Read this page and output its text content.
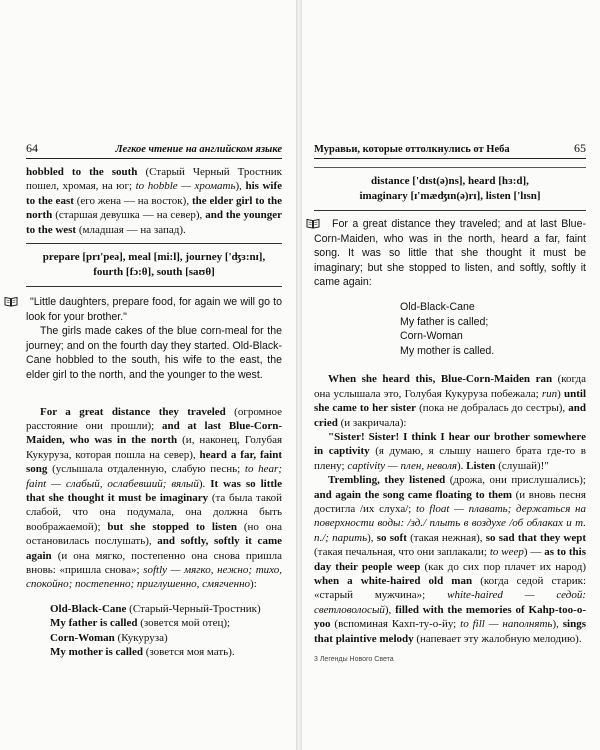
64	Легкое чтение на английском языке

hobbled to the south (Старый Черный Тростник пошел, хромая, на юг; to hobble — хромать), his wife to the east (его жена — на восток), the elder girl to the north (старшая девушка — на север), and the younger to the west (младшая — на запад).

prepare [prɪ'peə], meal [mi:l], journey ['ʤɜ:nɪ],
fourth [fɔ:θ], south [saʊθ]

"Little daughters, prepare food, for again we will go to look for your brother."

The girls made cakes of the blue corn-meal for the journey; and on the fourth day they started. Old-Black-Cane hobbled to the south, his wife to the east, the elder girl to the north, and the younger to the west.

For a great distance they traveled (огромное расстояние они прошли); and at last Blue-Corn-Maiden, who was in the north (и, наконец, Голубая Кукуруза, которая пошла на север), heard a far, faint song (услышала отдаленную, слабую песнь; to hear; faint — слабый, ослабевший; вялый). It was so little that she thought it must be imaginary (та была такой слабой, что она подумала, она должна быть воображаемой); but she stopped to listen (но она остановилась послушать), and softly, softly it came again (и она мягко, постепенно она снова пришла вновь: «пришла снова»; softly — мягко, нежно; тихо, спокойно; постепенно; приглушенно, смягченно):

Old-Black-Cane (Старый-Черный-Тростник)
My father is called (зовется мой отец);
Corn-Woman (Кукуруза)
My mother is called (зовется моя мать).
Муравьи, которые оттолкнулись от Неба	65
distance ['dɪst(ə)ns], heard [hɜ:d],
imaginary [ɪ'mæʤɪn(ə)rɪ], listen ['lɪsn]

For a great distance they traveled; and at last Blue-Corn-Maiden, who was in the north, heard a far, faint song. It was so little that she thought it must be imaginary; but she stopped to listen, and softly, softly it came again:

Old-Black-Cane
My father is called;
Corn-Woman
My mother is called.

When she heard this, Blue-Corn-Maiden ran (когда она услышала это, Голубая Кукуруза побежала; run) until she came to her sister (пока не добралась до сестры), and cried (и закричала):

"Sister! Sister! I think I hear our brother somewhere in captivity (я думаю, я слышу нашего брата где-то в плену; captivity — плен, неволя). Listen (слушай)!"

Trembling, they listened (дрожа, они прислушались); and again the song came floating to them (и вновь песня достигла /их слуха/; to float — плавать; держаться на поверхности воды: /зд./ плыть в воздухе /об облаках и т. п./; парить), so soft (такая нежная), so sad that they wept (такая печальная, что они заплакали; to weep) — as to this day their people weep (как до сих пор плачет их народ) when a white-haired old man (когда седой старик: «старый мужчина»; white-haired — седой: светловолосый), filled with the memories of Kahp-too-o-yoo (вспоминая Кахп-ту-о-йу; to fill — наполнять), sings that plaintive melody (напевает эту жалобную мелодию).

3 Легенды Нового Света
